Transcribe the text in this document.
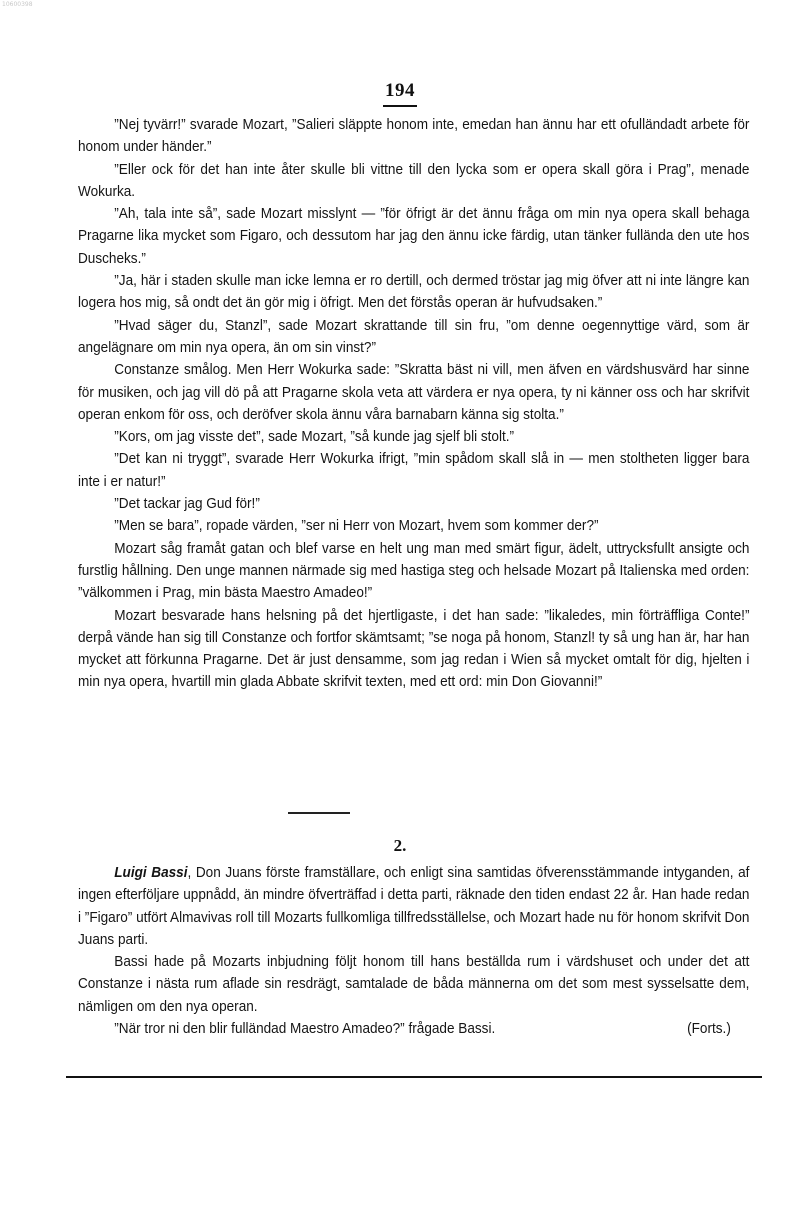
10600398
194

”Nej tyvärr!” svarade Mozart, ”Salieri släppte honom inte, emedan han ännu har ett ofulländadt arbete för honom under händer.”

”Eller ock för det han inte åter skulle bli vittne till den lycka som er opera skall göra i Prag”, menade Wokurka.

”Ah, tala inte så”, sade Mozart misslynt — ”för öfrigt är det ännu fråga om min nya opera skall behaga Pragarne lika mycket som Figaro, och dessutom har jag den ännu icke färdig, utan tänker fullända den ute hos Duscheks.”

”Ja, här i staden skulle man icke lemna er ro dertill, och dermed tröstar jag mig öfver att ni inte längre kan logera hos mig, så ondt det än gör mig i öfrigt. Men det förstås operan är hufvudsaken.”

”Hvad säger du, Stanzl”, sade Mozart skrattande till sin fru, ”om denne oegennyttige värd, som är angelägnare om min nya opera, än om sin vinst?”

Constanze smålog. Men Herr Wokurka sade: ”Skratta bäst ni vill, men äfven en värdshusvärd har sinne för musiken, och jag vill dö på att Pragarne skola veta att värdera er nya opera, ty ni känner oss och har skrifvit operan enkom för oss, och deröfver skola ännu våra barnabarn känna sig stolta.”

”Kors, om jag visste det”, sade Mozart, ”så kunde jag sjelf bli stolt.”

”Det kan ni tryggt”, svarade Herr Wokurka ifrigt, ”min spådom skall slå in — men stoltheten ligger bara inte i er natur!”

”Det tackar jag Gud för!”

”Men se bara”, ropade värden, ”ser ni Herr von Mozart, hvem som kommer der?”

Mozart såg framåt gatan och blef varse en helt ung man med smärt figur, ädelt, uttrycksfullt ansigte och furstlig hållning. Den unge mannen närmade sig med hastiga steg och helsade Mozart på Italienska med orden: ”välkommen i Prag, min bästa Maestro Amadeo!”

Mozart besvarade hans helsning på det hjertligaste, i det han sade: ”likaledes, min förträffliga Conte!” derpå vände han sig till Constanze och fortfor skämtsamt; ”se noga på honom, Stanzl! ty så ung han är, har han mycket att förkunna Pragarne. Det är just densamme, som jag redan i Wien så mycket omtalt för dig, hjelten i min nya opera, hvartill min glada Abbate skrifvit texten, med ett ord: min Don Giovanni!”

2.

Luigi Bassi, Don Juans förste framställare, och enligt sina samtidas öfverensstämmande intyganden, af ingen efterföljare uppnådd, än mindre öfverträffad i detta parti, räknade den tiden endast 22 år. Han hade redan i ”Figaro” utfört Almavivas roll till Mozarts fullkomliga tillfredsställelse, och Mozart hade nu för honom skrifvit Don Juans parti.

Bassi hade på Mozarts inbjudning följt honom till hans beställda rum i värdshuset och under det att Constanze i nästa rum aflade sin resdrägt, samtalade de båda männerna om det som mest sysselsatte dem, nämligen om den nya operan.

”När tror ni den blir fulländad Maestro Amadeo?” frågade Bassi.	(Forts.)
